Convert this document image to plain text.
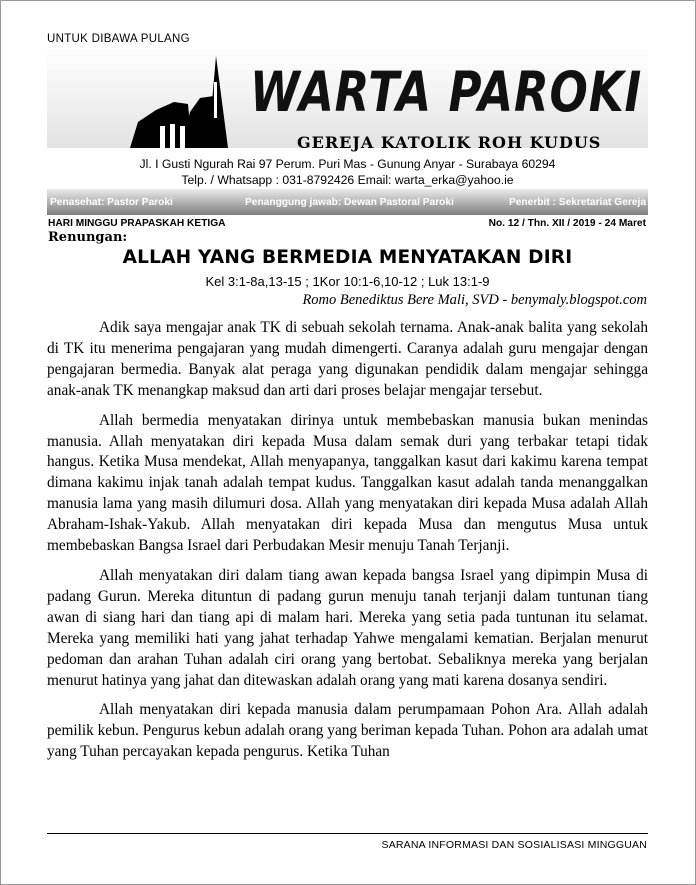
UNTUK DIBAWA PULANG
WARTA PAROKI
GEREJA KATOLIK ROH KUDUS
Jl. I Gusti Ngurah Rai 97 Perum. Puri Mas - Gunung Anyar - Surabaya 60294
Telp. / Whatsapp : 031-8792426 Email: warta_erka@yahoo.ie
Penasehat: Pastor Paroki	Penanggung jawab: Dewan Pastoral Paroki	Penerbit : Sekretariat Gereja
HARI MINGGU PRAPASKAH KETIGA	No. 12 / Thn. XII / 2019 - 24 Maret
Renungan:
ALLAH YANG BERMEDIA MENYATAKAN DIRI
Kel 3:1-8a,13-15 ; 1Kor 10:1-6,10-12 ; Luk 13:1-9
Romo Benediktus Bere Mali, SVD - benymaly.blogspot.com

Adik saya mengajar anak TK di sebuah sekolah ternama. Anak-anak balita yang sekolah di TK itu menerima pengajaran yang mudah dimengerti. Caranya adalah guru mengajar dengan pengajaran bermedia. Banyak alat peraga yang digunakan pendidik dalam mengajar sehingga anak-anak TK menangkap maksud dan arti dari proses belajar mengajar tersebut.

Allah bermedia menyatakan dirinya untuk membebaskan manusia bukan menindas manusia. Allah menyatakan diri kepada Musa dalam semak duri yang terbakar tetapi tidak hangus. Ketika Musa mendekat, Allah menyapanya, tanggalkan kasut dari kakimu karena tempat dimana kakimu injak tanah adalah tempat kudus. Tanggalkan kasut adalah tanda menanggalkan manusia lama yang masih dilumuri dosa. Allah yang menyatakan diri kepada Musa adalah Allah Abraham-Ishak-Yakub. Allah menyatakan diri kepada Musa dan mengutus Musa untuk membebaskan Bangsa Israel dari Perbudakan Mesir menuju Tanah Terjanji.

Allah menyatakan diri dalam tiang awan kepada bangsa Israel yang dipimpin Musa di padang Gurun. Mereka dituntun di padang gurun menuju tanah terjanji dalam tuntunan tiang awan di siang hari dan tiang api di malam hari. Mereka yang setia pada tuntunan itu selamat. Mereka yang memiliki hati yang jahat terhadap Yahwe mengalami kematian. Berjalan menurut pedoman dan arahan Tuhan adalah ciri orang yang bertobat. Sebaliknya mereka yang berjalan menurut hatinya yang jahat dan ditewaskan adalah orang yang mati karena dosanya sendiri.

Allah menyatakan diri kepada manusia dalam perumpamaan Pohon Ara. Allah adalah pemilik kebun. Pengurus kebun adalah orang yang beriman kepada Tuhan. Pohon ara adalah umat yang Tuhan percayakan kepada pengurus. Ketika Tuhan

SARANA INFORMASI DAN SOSIALISASI MINGGUAN
